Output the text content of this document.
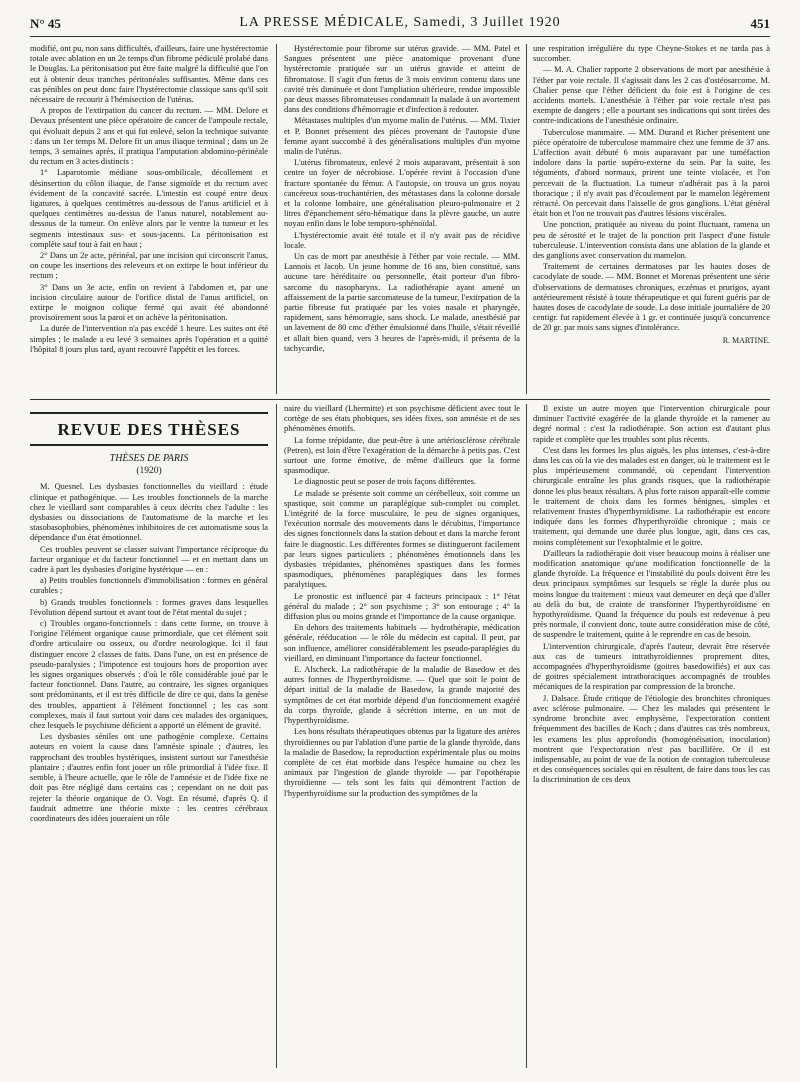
N° 45	LA PRESSE MÉDICALE, Samedi, 3 Juillet 1920	451

modifié, ont pu, non sans difficultés, d'ailleurs, faire une hystérectomie totale avec ablation en un 2e temps d'un fibrome pédiculé prolabé dans le Douglas. La péritonisation put être faite malgré la difficulté que l'on eut à obtenir deux tranches péritonéales suffisantes. Même dans ces cas pénibles on peut donc faire l'hystérectomie classique sans qu'il soit nécessaire de recourir à l'hémisection de l'utérus.

A propos de l'extirpation du cancer du rectum. — MM. Delore et Devaux présentent une pièce opératoire de cancer de l'ampoule rectale, qui évoluait depuis 2 ans et qui fut enlevé, selon la technique suivante : dans un 1er temps M. Delore fit un anus iliaque terminal ; dans un 2e temps, 3 semaines après, il pratiqua l'amputation abdomino-périnéale du rectum en 3 actes distincts :

1° Laparotomie médiane sous-ombilicale, décollement et désinsertion du côlon iliaque, de l'anse sigmoïde et du rectum avec évidement de la concavité sacrée. L'intestin est coupé entre deux ligatures, à quelques centimètres au-dessous de l'anus artificiel et à quelques centimètres au-dessus de l'anus naturel, notablement au-dessous de la tumeur. On enlève alors par le ventre la tumeur et les segments intestinaux sus- et sous-jacents. La péritonisation est complète sauf tout à fait en haut ;

2° Dans un 2e acte, périnéal, par une incision qui circonscrit l'anus, on coupe les insertions des releveurs et on extirpe le bout inférieur du rectum ;

3° Dans un 3e acte, enfin on revient à l'abdomen et, par une incision circulaire autour de l'orifice distal de l'anus artificiel, on extirpe le moignon colique fermé qui avait été abandonné provisoirement sous la paroi et on achève la péritonisation.

La durée de l'intervention n'a pas excédé 1 heure. Les suites ont été simples ; le malade a eu levé 3 semaines après l'opération et a quitté l'hôpital 8 jours plus tard, ayant recouvré l'appétit et les forces.

Hystérectomie pour fibrome sur utérus gravide. — MM. Patel et Sangues présentent une pièce anatomique provenant d'une hystérectomie pratiquée sur un utérus gravide et atteint de fibromatose. Il s'agit d'un fœtus de 3 mois environ contenu dans une cavité très diminuée et dont l'ampliation ultérieure, rendue impossible par deux masses fibromateuses condamnait la malade à un avortement dans des conditions d'hémorragie et d'infection à redouter.

Métastases multiples d'un myome malin de l'utérus. — MM. Tixier et P. Bonnet présentent des pièces provenant de l'autopsie d'une femme ayant succombé à des généralisations multiples d'un myome malin de l'utérus.

L'utérus fibromateux, enlevé 2 mois auparavant, présentait à son centre un foyer de nécrobiose. L'opérée revint à l'occasion d'une fracture spontanée du fémur. A l'autopsie, on trouva un gros noyau cancéreux sous-trochantérien, des métastases dans la colonne dorsale et la colonne lombaire, une généralisation pleuro-pulmonaire et 2 litres d'épanchement séro-hématique dans la plèvre gauche, un autre noyau enfin dans le lobe temporo-sphénoïdal.

L'hystérectomie avait été totale et il n'y avait pas de récidive locale.

Un cas de mort par anesthésie à l'éther par voie rectale. — MM. Lannois et Jacob. Un jeune homme de 16 ans, bien constitué, sans aucune tare héréditaire ou personnelle, était porteur d'un fibro-sarcome du nasopharynx. La radiothérapie ayant amené un affaissement de la partie sarcomateuse de la tumeur, l'extirpation de la partie fibreuse fut pratiquée par les voies nasale et pharyngée, rapidement, sans hémorragie, sans shock. Le malade, anesthésié par un lavement de 80 cmc d'éther émulsionné dans l'huile, s'était réveillé et allait bien quand, vers 3 heures de l'après-midi, il présenta de la tachycardie,

une respiration irrégulière du type Cheyne-Stokes et ne tarda pas à succomber.

— M. A. Chalier rapporte 2 observations de mort par anesthésie à l'éther par voie rectale. Il s'agissait dans les 2 cas d'ostéosarcome. M. Chalier pense que l'éther déficient du foie est à l'origine de ces accidents mortels. L'anesthésie à l'éther par voie rectale n'est pas exempte de dangers ; elle a pourtant ses indications qui sont tirées des contre-indications de l'anesthésie ordinaire.

Tuberculose mammaire. — MM. Durand et Richer présentent une pièce opératoire de tuberculose mammaire chez une femme de 37 ans. L'affection avait débuté 6 mois auparavant par une tuméfaction indolore dans la partie supéro-externe du sein. Par la suite, les téguments, d'abord normaux, prirent une teinte violacée, et l'on percevait de la fluctuation. La tumeur n'adhérait pas à la paroi thoracique ; il n'y avait pas d'écoulement par le mamelon légèrement rétracté. On percevait dans l'aisselle de gros ganglions. L'état général était bon et l'on ne trouvait pas d'autres lésions viscérales.

Une ponction, pratiquée au niveau du point fluctuant, ramena un peu de sérosité et le trajet de la ponction prit l'aspect d'une fistule tuberculeuse. L'intervention consista dans une ablation de la glande et des ganglions avec conservation du mamelon.

Traitement de certaines dermatoses par les hautes doses de cacodylate de soude. — MM. Bonnet et Morenas présentent une série d'observations de dermatoses chroniques, eczémas et prurigos, ayant antérieurement résisté à toute thérapeutique et qui furent guéris par de hautes doses de cacodylate de soude. La dose initiale journalière de 20 centigr. fut rapidement élevée à 1 gr. et continuée jusqu'à concurrence de 20 gr. par mois sans signes d'intolérance.

R. MARTINE.
REVUE DES THÈSES
THÈSES DE PARIS
(1920)

M. Quesnel. Les dysbasies fonctionnelles du vieillard : étude clinique et pathogénique. — Les troubles fonctionnels de la marche chez le vieillard sont comparables à ceux décrits chez l'adulte : les dysbasies ou dissociations de l'automatisme de la marche et les stasobasophobies, phénomènes inhibitoires de cet automatisme sous la dépendance d'un état émotionnel.

Ces troubles peuvent se classer suivant l'importance réciproque du facteur organique et du facteur fonctionnel — et en mettant dans un cadre à part les dysbasies d'origine hystérique — en :

a) Petits troubles fonctionnels d'immobilisation : formes en général curables ;

b) Grands troubles fonctionnels : formes graves dans lesquelles l'évolution dépend surtout et avant tout de l'état mental du sujet ;

c) Troubles organo-fonctionnels : dans cette forme, on trouve à l'origine l'élément organique cause primordiale, que cet élément soit d'ordre articulaire ou osseux, ou d'ordre neurologique. Ici il faut distinguer encore 2 classes de faits. Dans l'une, on est en présence de pseudo-paralysies ; l'impotence est toujours hors de proportion avec les signes organiques observés : d'où le rôle considérable joué par le facteur fonctionnel. Dans l'autre, au contraire, les signes organiques sont prédominants, et il est très difficile de dire ce qui, dans la genèse des troubles, appartient à l'élément fonctionnel ; les cas sont complexes, mais il faut surtout voir dans ces malades des organiques, chez lesquels le psychisme déficient a apporté un élément de gravité.

Les dysbasies séniles ont une pathogénie complexe. Certains auteurs en voient la cause dans l'amnésie spinale ; d'autres, les rapprochant des troubles hystériques, insistent surtout sur l'anesthésie plantaire ; d'autres enfin font jouer un rôle primordial à l'idée fixe. Il semble, à l'heure actuelle, que le rôle de l'amnésie et de l'idée fixe ne doit pas être négligé dans certains cas ; cependant on ne doit pas rejeter la théorie organique de O. Vogt. En résumé, d'après Q. il faudrait admettre une théorie mixte : les centres cérébraux coordinateurs des idées joueraient un rôle

naire du vieillard (Lhermitte) et son psychisme déficient avec tout le cortège de ses états phobiques, ses idées fixes, son amnésie et de ses phénomènes émotifs.

La forme trépidante, due peut-être à une artériosclérose cérébrale (Petren), est loin d'être l'exagération de la démarche à petits pas. C'est surtout une forme émotive, de même d'ailleurs que la forme spasmodique.

Le diagnostic peut se poser de trois façons différentes.

Le malade se présente soit comme un cérébelleux, soit comme un spastique, soit comme un paraplégique sub-complet ou complet. L'intégrité de la force musculaire, le peu de signes organiques, l'exécution normale des mouvements dans le décubitus, l'importance des signes fonctionnels dans la station debout et dans la marche feront faire le diagnostic. Les différentes formes se distingueront facilement par leurs signes particuliers ; phénomènes émotionnels dans les dysbasies trépidantes, phénomènes spastiques dans les formes spasmodiques, phénomènes paraplégiques dans les formes paralytiques.

Le pronostic est influencé par 4 facteurs principaux : 1° l'état général du malade ; 2° son psychisme ; 3° son entourage ; 4° la diffusion plus ou moins grande et l'importance de la cause organique.

En dehors des traitements habituels — hydrothérapie, médication générale, rééducation — le rôle du médecin est capital. Il peut, par son influence, améliorer considérablement les pseudo-paraplégies du vieillard, en diminuant l'importance du facteur fonctionnel.

E. Alscheck. La radiothérapie de la maladie de Basedow et des autres formes de l'hyperthyroïdisme. — Quel que soit le point de départ initial de la maladie de Basedow, la grande majorité des symptômes de cet état morbide dépend d'un fonctionnement exagéré du corps thyroïde, glande à sécrétion interne, en un mot de l'hyperthyroïdisme.

Les bons résultats thérapeutiques obtenus par la ligature des artères thyroïdiennes ou par l'ablation d'une partie de la glande thyroïde, dans la maladie de Basedow, la reproduction expérimentale plus ou moins complète de cet état morbide dans l'espèce humaine ou chez les animaux par l'ingestion de glande thyroïde — par l'opothérapie thyroïdienne — tels sont les faits qui démontrent l'action de l'hyperthyroïdisme sur la production des symptômes de la

Il existe un autre moyen que l'intervention chirurgicale pour diminuer l'activité exagérée de la glande thyroïde et la ramener au degré normal : c'est la radiothérapie. Son action est d'autant plus rapide et complète que les troubles sont plus récents.

C'est dans les formes les plus aiguës, les plus intenses, c'est-à-dire dans les cas où la vie des malades est en danger, où le traitement est le plus impérieusement commandé, où cependant l'intervention chirurgicale entraîne les plus grands risques, que la radiothérapie donne les plus beaux résultats. A plus forte raison apparaît-elle comme le traitement de choix dans les formes bénignes, simples et relativement frustes d'hyperthyroïdisme. La radiothérapie est encore indiquée dans les formes d'hyperthyroïdie chronique ; mais ce traitement, qui demande une durée plus longue, agit, dans ces cas, moins complètement sur l'exophtalmie et le goitre.

D'ailleurs la radiothérapie doit viser beaucoup moins à réaliser une modification anatomique qu'une modification fonctionnelle de la glande thyroïde. La fréquence et l'instabilité du pouls doivent être les deux principaux symptômes sur lesquels se règle la durée plus ou moins longue du traitement : mieux vaut demeurer en deçà que d'aller au delà du but, de crainte de transformer l'hyperthyroïdisme en hypothyroïdisme. Quand la fréquence du pouls est redevenue à peu près normale, il convient donc, toute autre considération mise de côté, de suspendre le traitement, quitte à le reprendre en cas de besoin.

L'intervention chirurgicale, d'après l'auteur, devrait être réservée aux cas de tumeurs intrathyroïdiennes proprement dites, accompagnées d'hyperthyroïdisme (goitres basedowifiés) et aux cas de goitres spécialement intrathoraciques accompagnés de troubles mécaniques de la respiration par compression de la bronche.

J. Dalsace. Étude critique de l'étiologie des bronchites chroniques avec sclérose pulmonaire. — Chez les malades qui présentent le syndrome bronchite avec emphysème, l'expectoration contient fréquemment des bacilles de Koch ; dans d'autres cas très nombreux, les examens les plus approfondis (homogénéisation, inoculation) montrent que l'expectoration n'est pas bacillifère. Or il est indispensable, au point de vue de la notion de contagion tuberculeuse et des conséquences sociales qui en résultent, de faire dans tous les cas la discrimination de ces deux
